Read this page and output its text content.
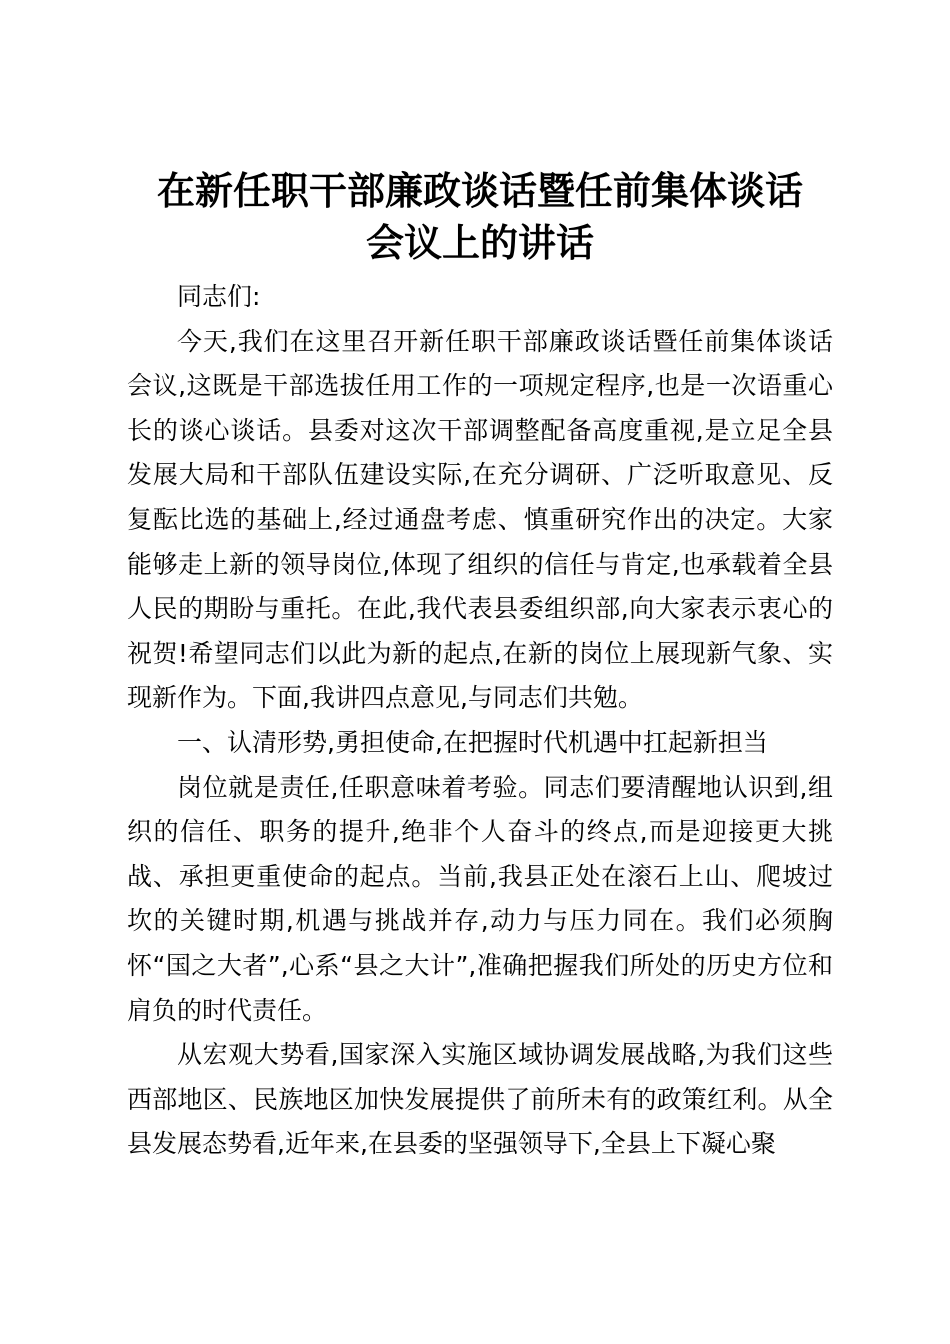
在新任职干部廉政谈话暨任前集体谈话
会议上的讲话

同志们:

今天,我们在这里召开新任职干部廉政谈话暨任前集体谈话会议,这既是干部选拔任用工作的一项规定程序,也是一次语重心长的谈心谈话。县委对这次干部调整配备高度重视,是立足全县发展大局和干部队伍建设实际,在充分调研、广泛听取意见、反复酝比选的基础上,经过通盘考虑、慎重研究作出的决定。大家能够走上新的领导岗位,体现了组织的信任与肯定,也承载着全县人民的期盼与重托。在此,我代表县委组织部,向大家表示衷心的祝贺!希望同志们以此为新的起点,在新的岗位上展现新气象、实现新作为。下面,我讲四点意见,与同志们共勉。

一、认清形势,勇担使命,在把握时代机遇中扛起新担当

岗位就是责任,任职意味着考验。同志们要清醒地认识到,组织的信任、职务的提升,绝非个人奋斗的终点,而是迎接更大挑战、承担更重使命的起点。当前,我县正处在滚石上山、爬坡过坎的关键时期,机遇与挑战并存,动力与压力同在。我们必须胸怀“国之大者”,心系“县之大计”,准确把握我们所处的历史方位和肩负的时代责任。

从宏观大势看,国家深入实施区域协调发展战略,为我们这些西部地区、民族地区加快发展提供了前所未有的政策红利。从全县发展态势看,近年来,在县委的坚强领导下,全县上下凝心聚
